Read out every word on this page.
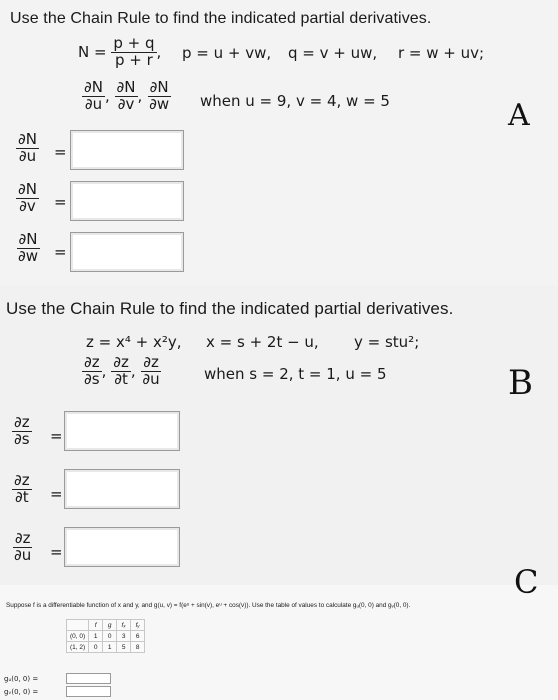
Use the Chain Rule to find the indicated partial derivatives.
$N = \frac{p + q}{p + r}$ , p = u + vw, q = v + uw, r = w + uv;
$\frac{\partial N}{\partial u}$ , $\frac{\partial N}{\partial v}$ , $\frac{\partial N}{\partial w}$ when u = 9, v = 4, w = 5	A
$\frac{\partial N}{\partial u}$ =
$\frac{\partial N}{\partial v}$ =
$\frac{\partial N}{\partial w}$ =
Use the Chain Rule to find the indicated partial derivatives.
z = x⁴ + x²y, x = s + 2t − u, y = stu²;
$\frac{\partial z}{\partial s}$ , $\frac{\partial z}{\partial t}$ , $\frac{\partial z}{\partial u}$	when s = 2, t = 1, u = 5	B
$\frac{\partial z}{\partial s}$ =
$\frac{\partial z}{\partial t}$ =
$\frac{\partial z}{\partial u}$ =
C
Suppose f is a differentiable function of x and y, and g(u, v) = f(eᵘ + sin(v), eᵘ + cos(v)). Use the table of values to calculate gᵤ(0, 0) and gᵥ(0, 0).
	f	g	fₓ	fᵧ
(0, 0)	1	0	3	6
(1, 2)	0	1	5	8
gᵤ(0, 0) =
gᵥ(0, 0) =
